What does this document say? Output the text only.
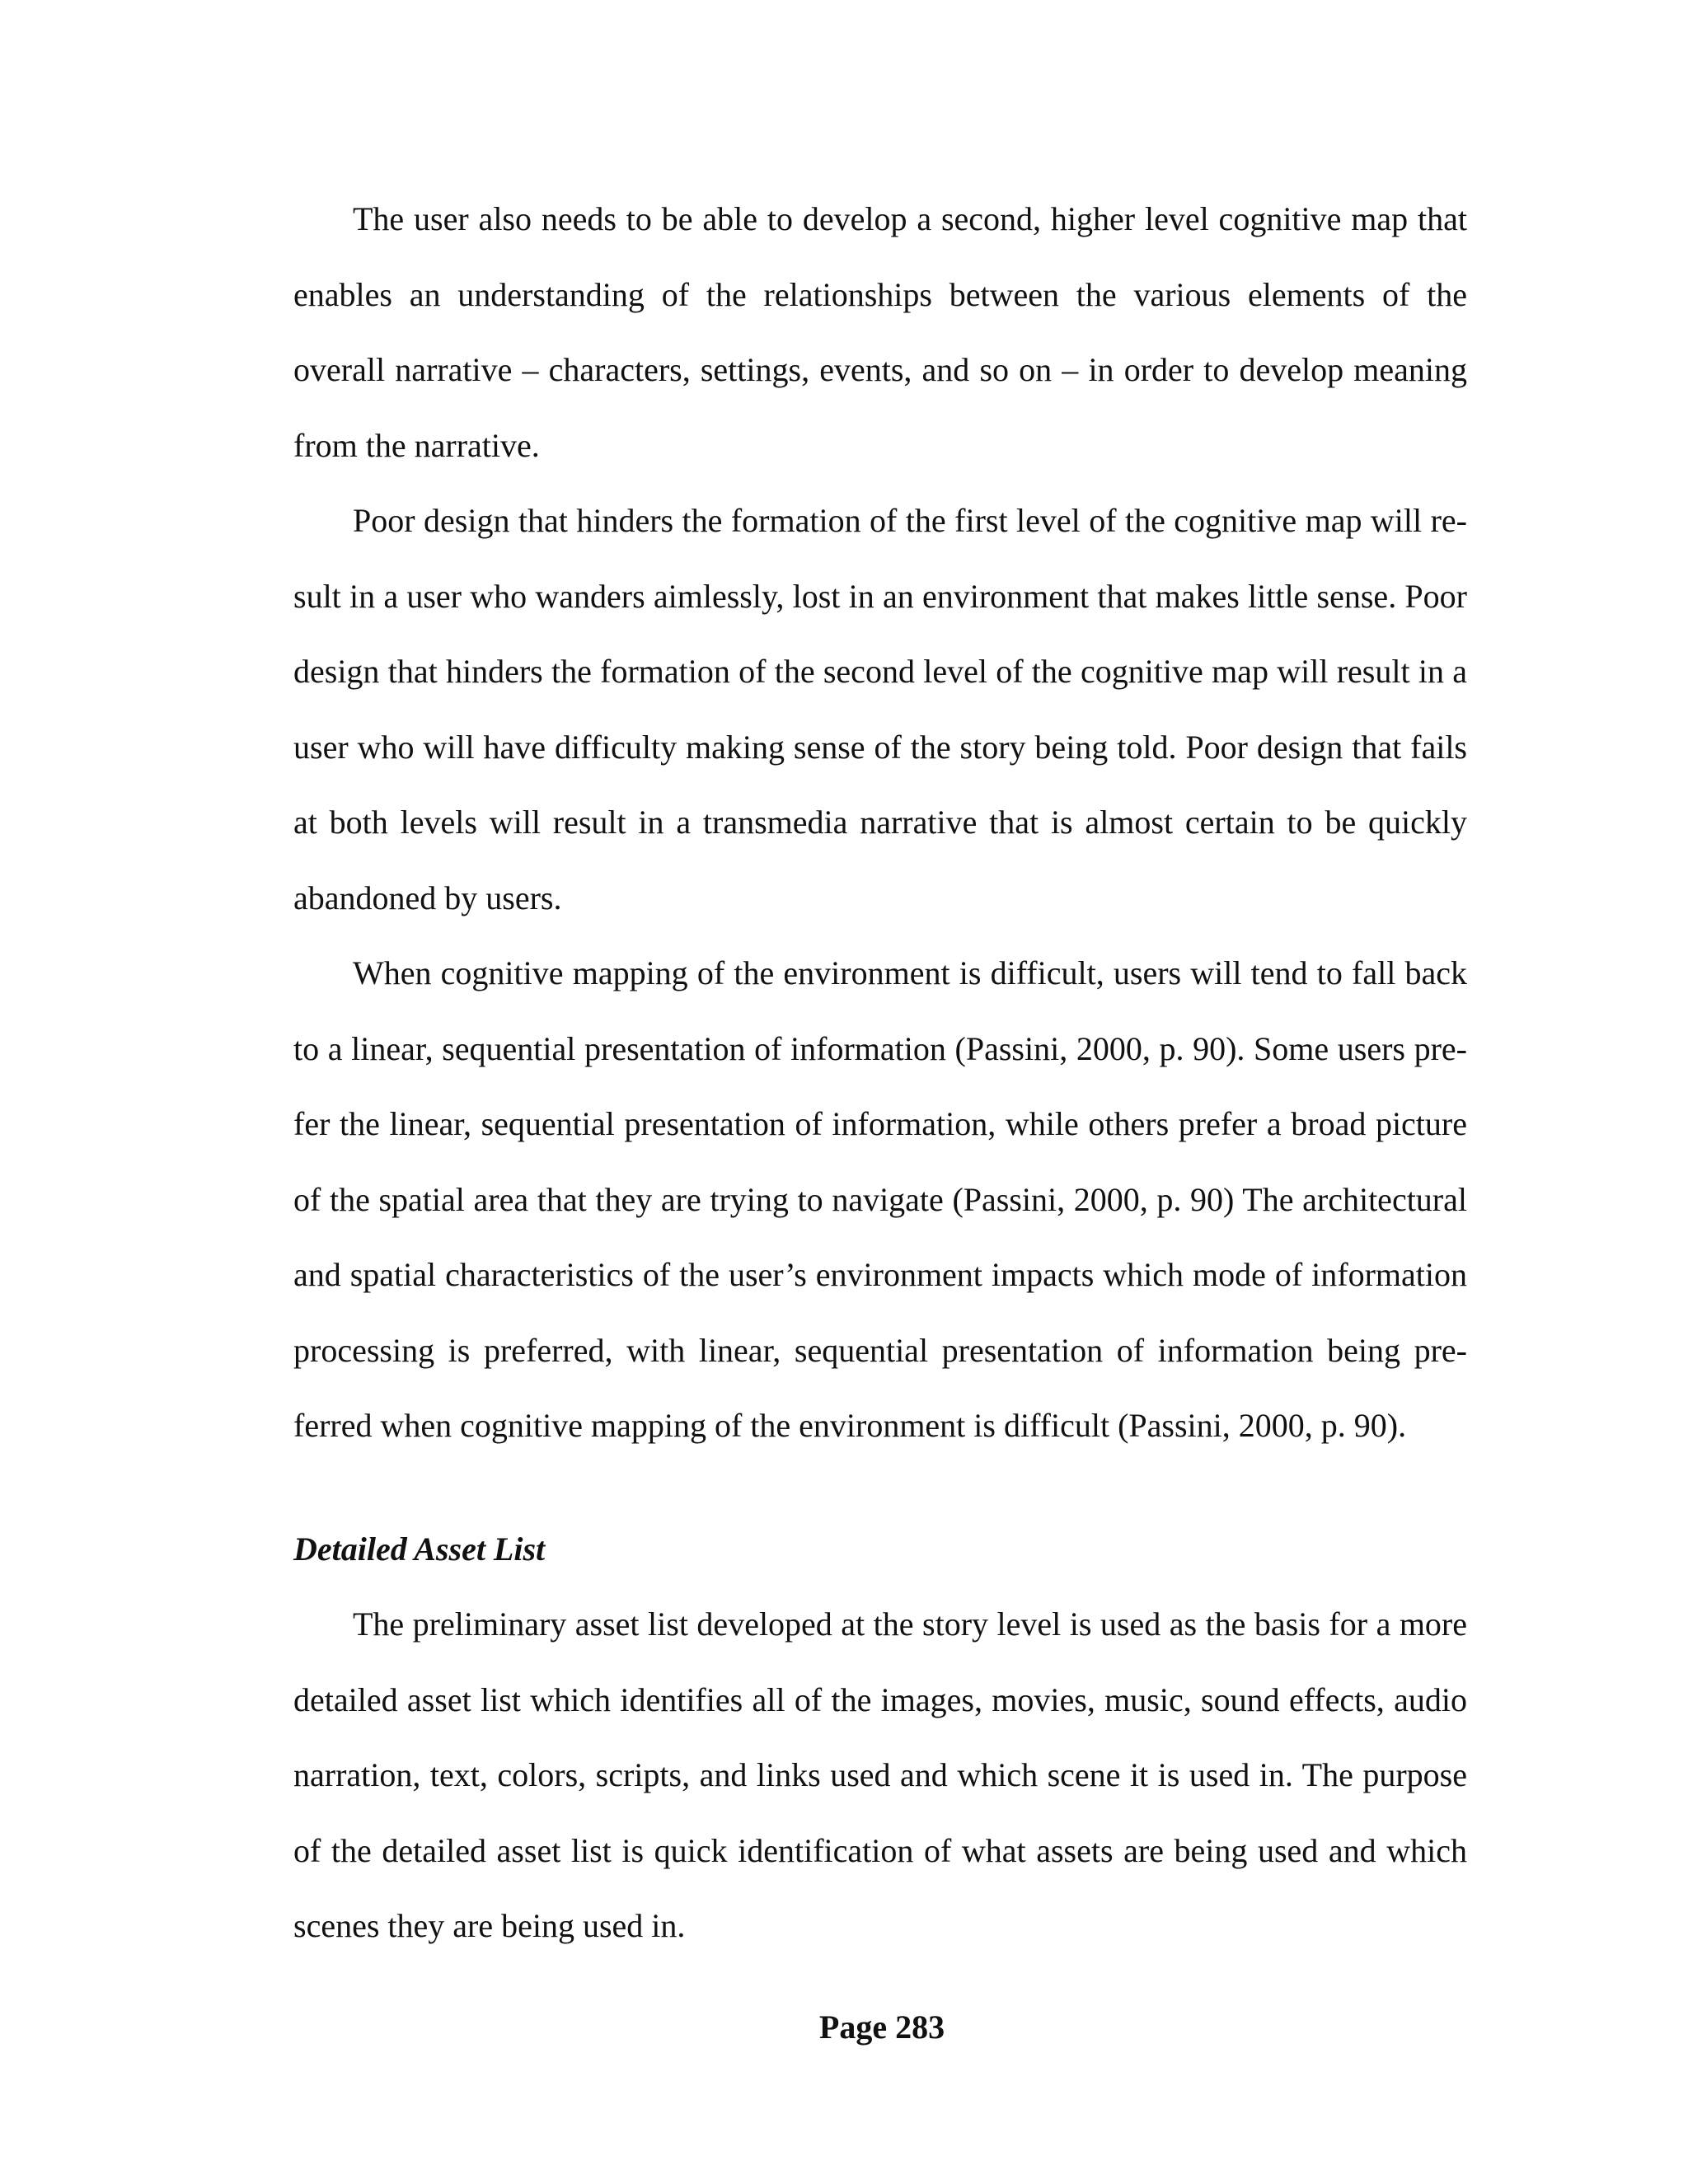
The user also needs to be able to develop a second, higher level cognitive map that enables an understanding of the relationships between the various elements of the overall narrative – characters, settings, events, and so on – in order to develop meaning from the narrative.

Poor design that hinders the formation of the first level of the cognitive map will re-sult in a user who wanders aimlessly, lost in an environment that makes little sense. Poor design that hinders the formation of the second level of the cognitive map will result in a user who will have difficulty making sense of the story being told. Poor design that fails at both levels will result in a transmedia narrative that is almost certain to be quickly abandoned by users.

When cognitive mapping of the environment is difficult, users will tend to fall back to a linear, sequential presentation of information (Passini, 2000, p. 90). Some users pre-fer the linear, sequential presentation of information, while others prefer a broad picture of the spatial area that they are trying to navigate (Passini, 2000, p. 90) The architectural and spatial characteristics of the user’s environment impacts which mode of information processing is preferred, with linear, sequential presentation of information being pre-ferred when cognitive mapping of the environment is difficult (Passini, 2000, p. 90).

Detailed Asset List

The preliminary asset list developed at the story level is used as the basis for a more detailed asset list which identifies all of the images, movies, music, sound effects, audio narration, text, colors, scripts, and links used and which scene it is used in. The purpose of the detailed asset list is quick identification of what assets are being used and which scenes they are being used in.

Page 283
